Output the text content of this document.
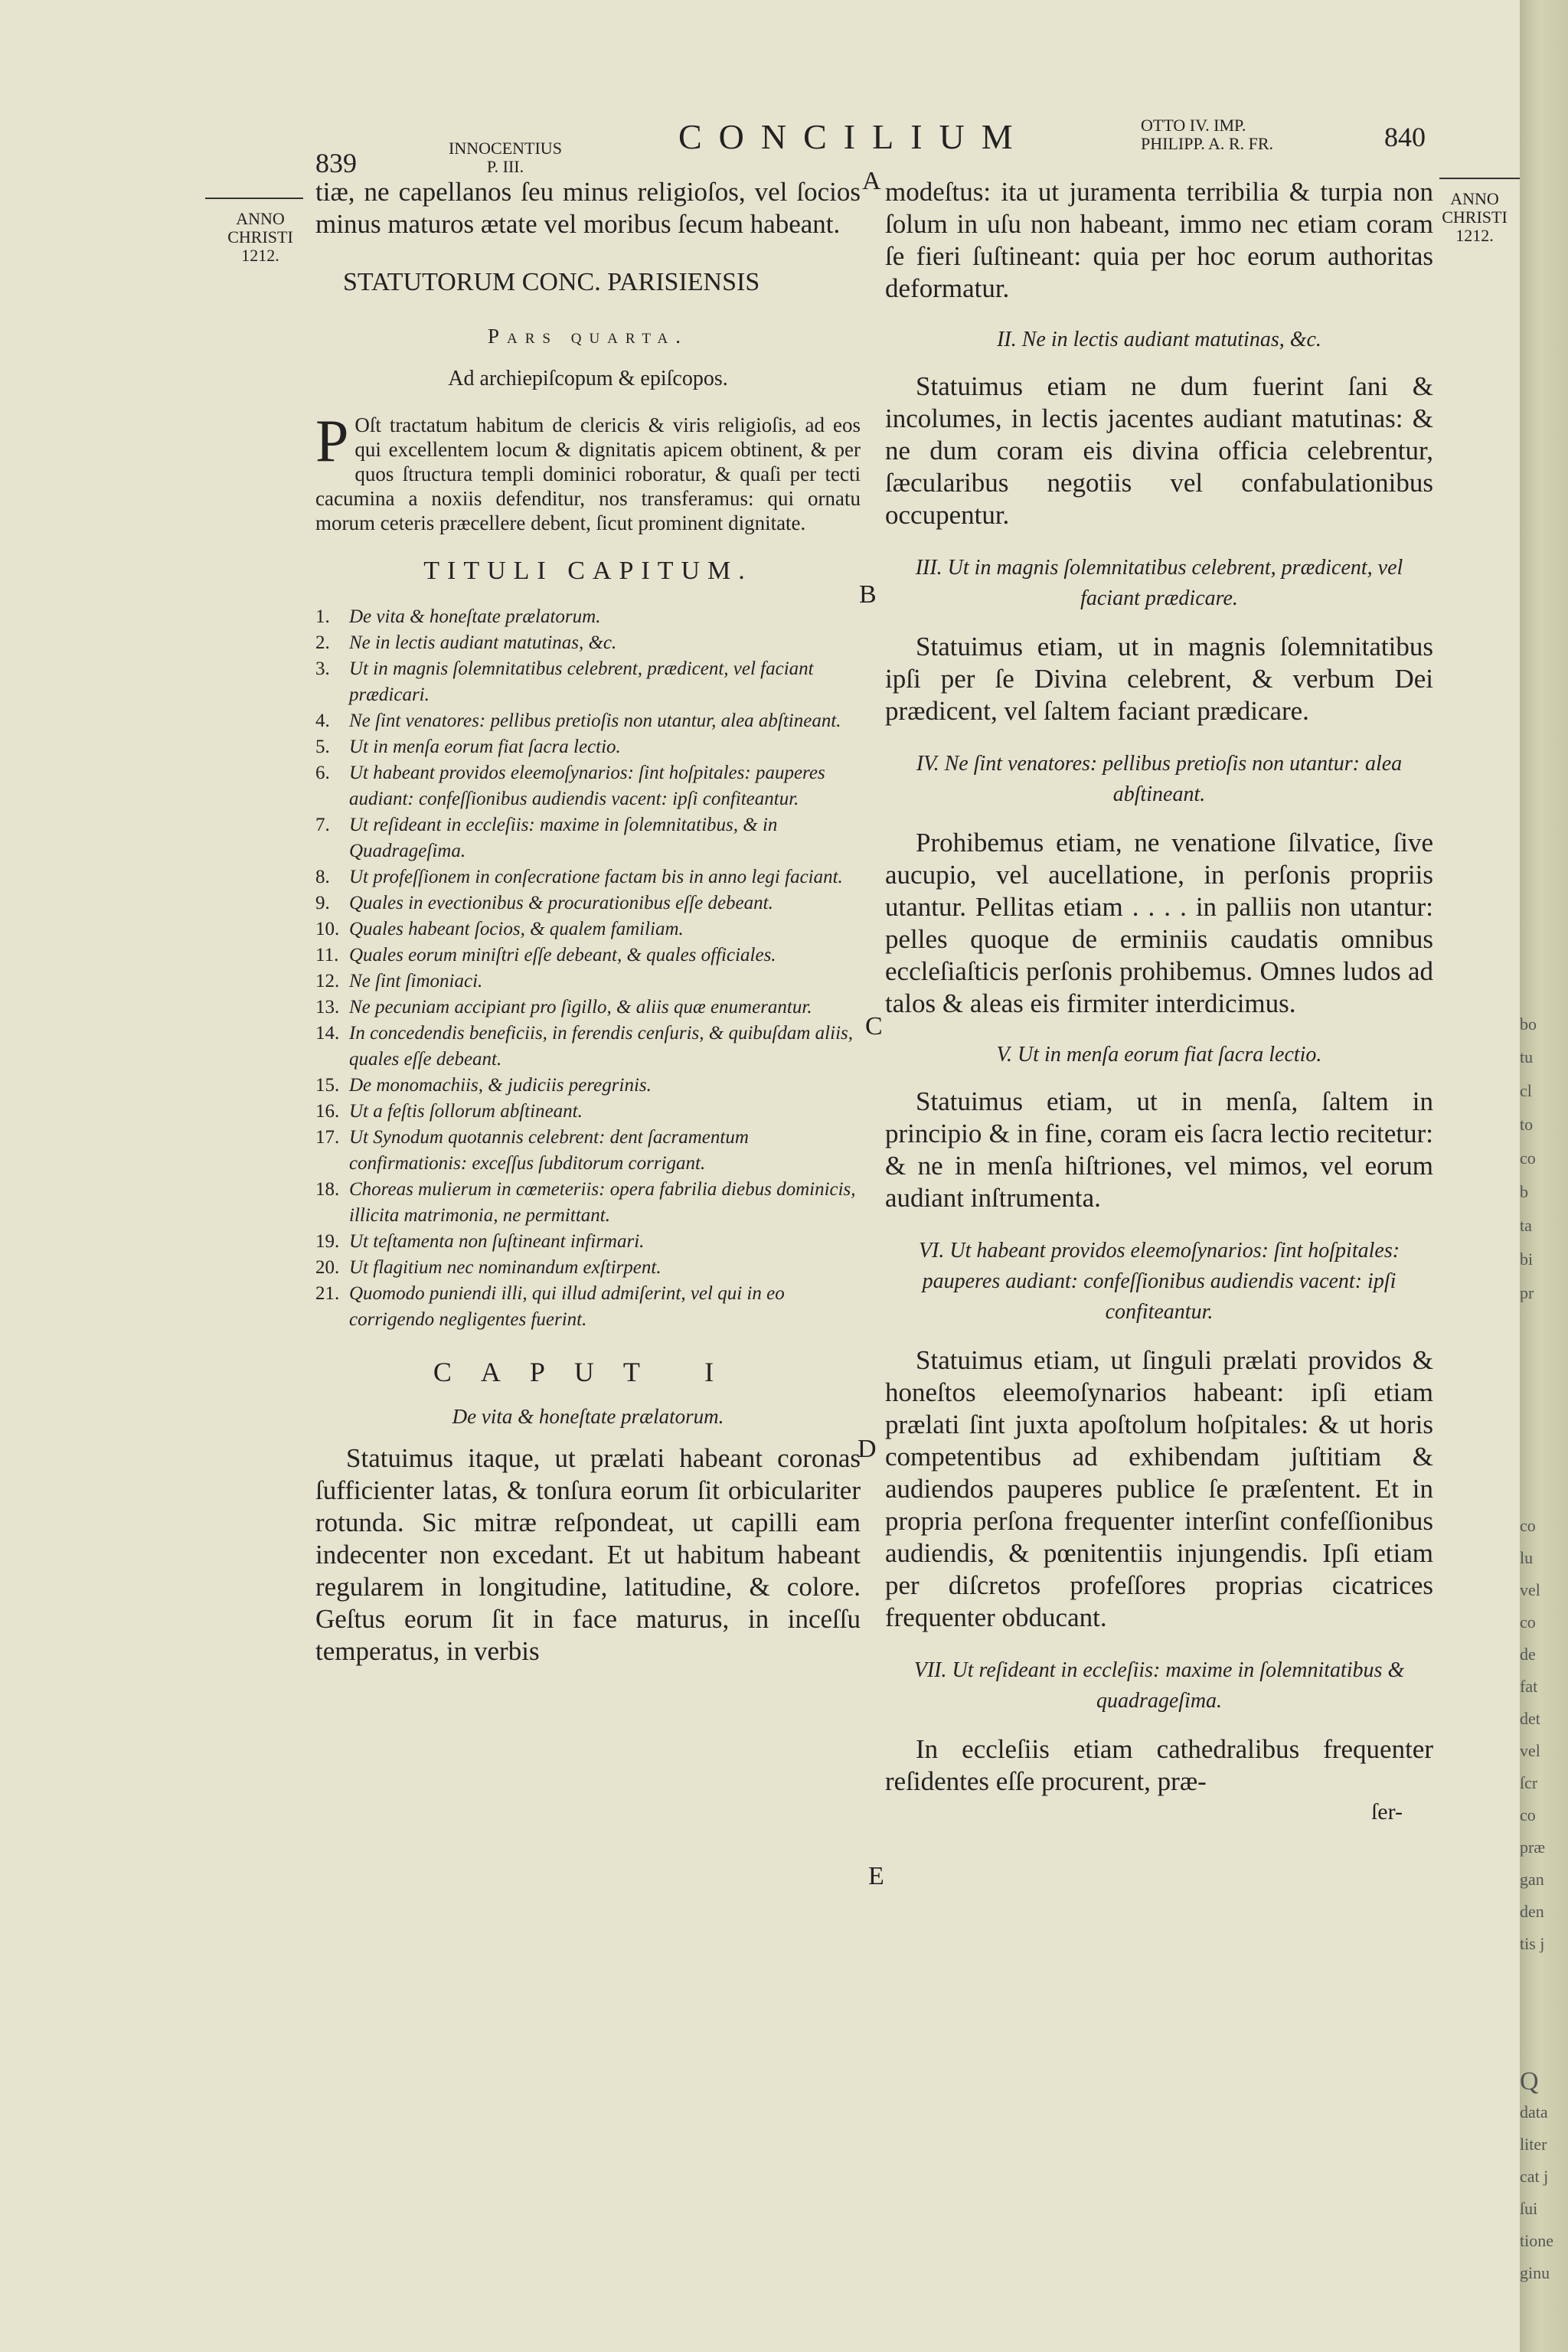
839	INNOCENTIUS
P. III.
CONCILIUM	OTTO IV. IMP.
PHILIPP. A. R. FR.	840
ANNO
CHRISTI
1212.
ANNO
CHRISTI
1212.
A
B
C
D
E

tiæ, ne capellanos ſeu minus religioſos, vel ſocios minus maturos ætate vel moribus ſecum habeant.

STATUTORUM CONC. PARISIENSIS

Pars quarta.

Ad archiepiſcopum & epiſcopos.

P Oſt tractatum habitum de clericis & viris religioſis, ad eos qui excellentem locum & dignitatis apicem obtinent, & per quos ſtructura templi dominici roboratur, & quaſi per tecti cacumina a noxiis defenditur, nos transferamus: qui ornatu morum ceteris præcellere debent, ſicut prominent dignitate.

TITULI CAPITUM.

1.	De vita & honeſtate prælatorum.
2.	Ne in lectis audiant matutinas, &c.
3.	Ut in magnis ſolemnitatibus celebrent, prædicent, vel faciant prædicari.
4.	Ne ſint venatores: pellibus pretioſis non utantur, alea abſtineant.
5.	Ut in menſa eorum fiat ſacra lectio.
6.	Ut habeant providos eleemoſynarios: ſint hoſpitales: pauperes audiant: confeſſionibus audiendis vacent: ipſi confiteantur.
7.	Ut reſideant in eccleſiis: maxime in ſolemnitatibus, & in Quadrageſima.
8.	Ut profeſſionem in conſecratione factam bis in anno legi faciant.
9.	Quales in evectionibus & procurationibus eſſe debeant.
10. Quales habeant ſocios, & qualem familiam.
11. Quales eorum miniſtri eſſe debeant, & quales officiales.
12. Ne ſint ſimoniaci.
13. Ne pecuniam accipiant pro ſigillo, & aliis quæ enumerantur.
14. In concedendis beneficiis, in ferendis cenſuris, & quibuſdam aliis, quales eſſe debeant.
15. De monomachiis, & judiciis peregrinis.
16. Ut a feſtis ſollorum abſtineant.
17. Ut Synodum quotannis celebrent: dent ſacramentum confirmationis: exceſſus ſubditorum corrigant.
18. Choreas mulierum in cœmeteriis: opera fabrilia diebus dominicis, illicita matrimonia, ne permittant.
19. Ut teſtamenta non ſuſtineant infirmari.
20. Ut flagitium nec nominandum exſtirpent.
21. Quomodo puniendi illi, qui illud admiſerint, vel qui in eo corrigendo negligentes fuerint.

CAPUT I

De vita & honeſtate prælatorum.

Statuimus itaque, ut prælati habeant coronas ſufficienter latas, & tonſura eorum ſit orbiculariter rotunda. Sic mitræ reſpondeat, ut capilli eam indecenter non excedant. Et ut habitum habeant regularem in longitudine, latitudine, & colore. Geſtus eorum ſit in face maturus, in inceſſu temperatus, in verbis

modeſtus: ita ut juramenta terribilia & turpia non ſolum in uſu non habeant, immo nec etiam coram ſe fieri ſuſtineant: quia per hoc eorum authoritas deformatur.

II. Ne in lectis audiant matutinas, &c.

Statuimus etiam ne dum fuerint ſani & incolumes, in lectis jacentes audiant matutinas: & ne dum coram eis divina officia celebrentur, ſæcularibus negotiis vel confabulationibus occupentur.

III. Ut in magnis ſolemnitatibus celebrent, prædicent, vel faciant prædicare.

Statuimus etiam, ut in magnis ſolemnitatibus ipſi per ſe Divina celebrent, & verbum Dei prædicent, vel ſaltem faciant prædicare.

IV. Ne ſint venatores: pellibus pretioſis non utantur: alea abſtineant.

Prohibemus etiam, ne venatione ſilvatice, ſive aucupio, vel aucellatione, in perſonis propriis utantur. Pellitas etiam . . . . in palliis non utantur: pelles quoque de erminiis caudatis omnibus eccleſiaſticis perſonis prohibemus. Omnes ludos ad talos & aleas eis firmiter interdicimus.

V. Ut in menſa eorum fiat ſacra lectio.

Statuimus etiam, ut in menſa, ſaltem in principio & in fine, coram eis ſacra lectio recitetur: & ne in menſa hiſtriones, vel mimos, vel eorum audiant inſtrumenta.

VI. Ut habeant providos eleemoſynarios: ſint hoſpitales: pauperes audiant: confeſſionibus audiendis vacent: ipſi confiteantur.

Statuimus etiam, ut ſinguli prælati providos & honeſtos eleemoſynarios habeant: ipſi etiam prælati ſint juxta apoſtolum hoſpitales: & ut horis competentibus ad exhibendam juſtitiam & audiendos pauperes publice ſe præſentent. Et in propria perſona frequenter interſint confeſſionibus audiendis, & pœnitentiis injungendis. Ipſi etiam per diſcretos profeſſores proprias cicatrices frequenter obducant.

VII. Ut reſideant in eccleſiis: maxime in ſolemnitatibus & quadrageſima.

In eccleſiis etiam cathedralibus frequenter reſidentes eſſe procurent, præ-

ſer-

bo
tu
cl
to
co
b
ta
bi
pr
co
lu
vel
co
de
fat
det
vel
ſcr
co
præ
gan
den
tis j
Q
data
liter
cat j
ſui
tione
ginu
